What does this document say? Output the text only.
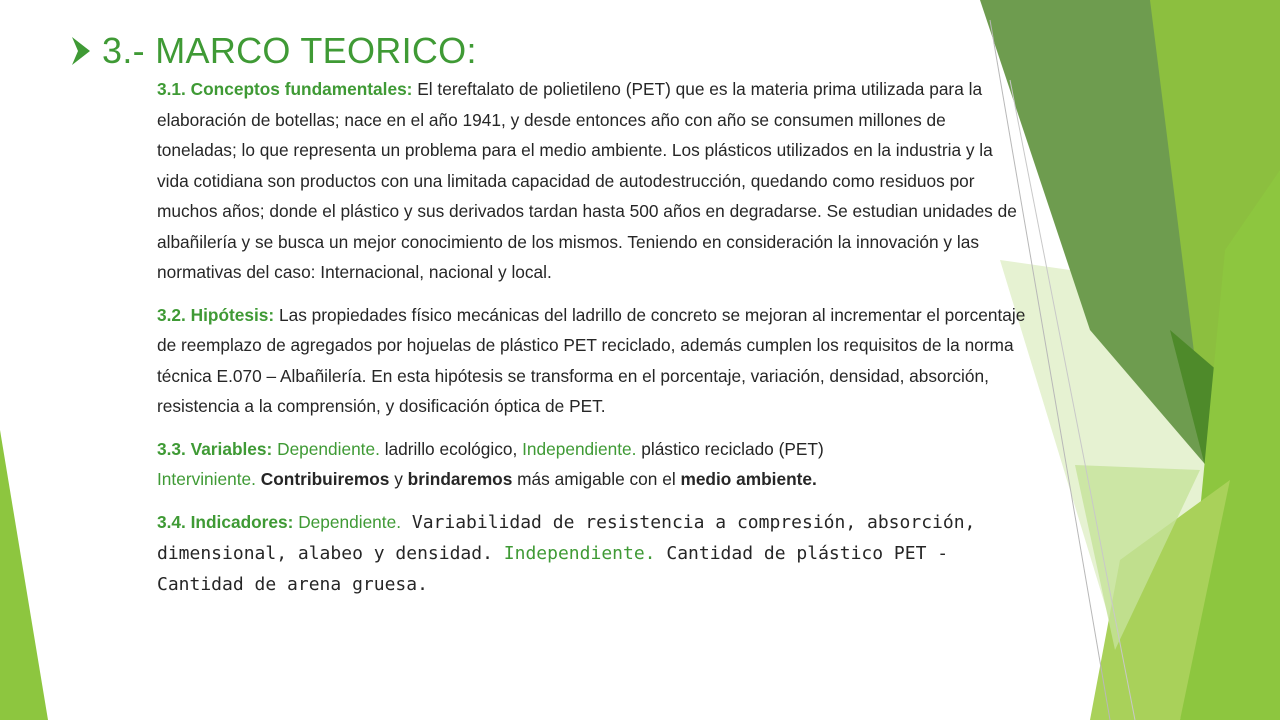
3.- MARCO TEORICO:

3.1. Conceptos fundamentales: El tereftalato de polietileno (PET) que es la materia prima utilizada para la elaboración de botellas; nace en el año 1941, y desde entonces año con año se consumen millones de toneladas; lo que representa un problema para el medio ambiente. Los plásticos utilizados en la industria y la vida cotidiana son productos con una limitada capacidad de autodestrucción, quedando como residuos por muchos años; donde el plástico y sus derivados tardan hasta 500 años en degradarse. Se estudian unidades de albañilería y se busca un mejor conocimiento de los mismos. Teniendo en consideración la innovación y las normativas del caso: Internacional, nacional y local.

3.2. Hipótesis: Las propiedades físico mecánicas del ladrillo de concreto se mejoran al incrementar el porcentaje de reemplazo de agregados por hojuelas de plástico PET reciclado, además cumplen los requisitos de la norma técnica E.070 – Albañilería. En esta hipótesis se transforma en el porcentaje, variación, densidad, absorción, resistencia a la comprensión, y dosificación óptica de PET.

3.3. Variables: Dependiente. ladrillo ecológico, Independiente. plástico reciclado (PET)
Interviniente. Contribuiremos y brindaremos más amigable con el medio ambiente.

3.4. Indicadores: Dependiente. Variabilidad de resistencia a compresión, absorción, dimensional, alabeo y densidad. Independiente. Cantidad de plástico PET - Cantidad de arena gruesa.
